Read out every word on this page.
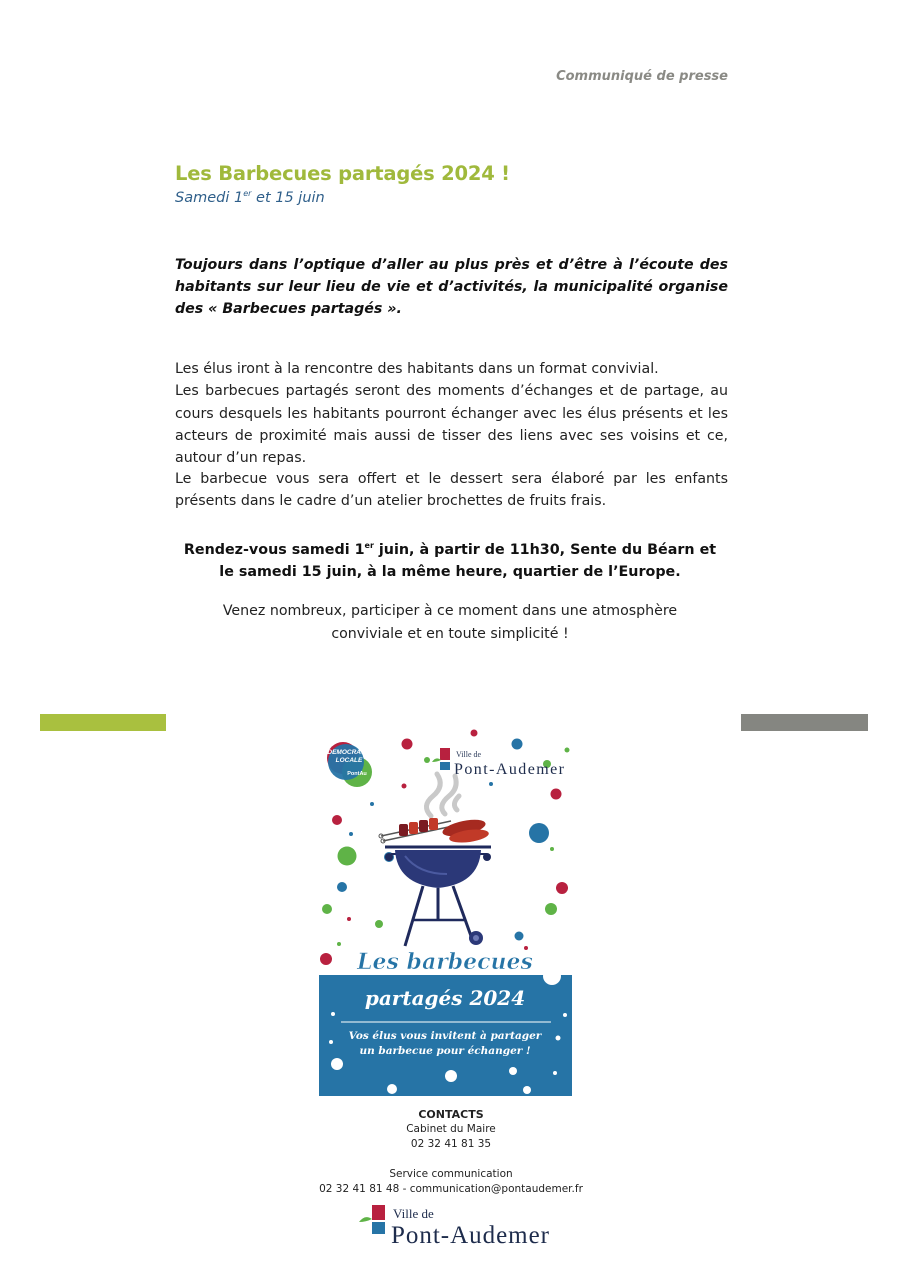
Communiqué de presse
Les Barbecues partagés 2024 !
Samedi 1er et 15 juin
Toujours dans l’optique d’aller au plus près et d’être à l’écoute des habitants sur leur lieu de vie et d’activités, la municipalité organise des « Barbecues partagés ».
Les élus iront à la rencontre des habitants dans un format convivial.
Les barbecues partagés seront des moments d’échanges et de partage, au cours desquels les habitants pourront échanger avec les élus présents et les acteurs de proximité mais aussi de tisser des liens avec ses voisins et ce, autour d’un repas.
Le barbecue vous sera offert et le dessert sera élaboré par les enfants présents dans le cadre d’un atelier brochettes de fruits frais.
Rendez-vous samedi 1er juin, à partir de 11h30, Sente du Béarn et
le samedi 15 juin, à la même heure, quartier de l’Europe.
Venez nombreux, participer à ce moment dans une atmosphère
conviviale et en toute simplicité !
DEMOCRATIE
LOCALE
PontAu
Ville de
Pont-Audemer
Les barbecues
partagés 2024
Vos élus vous invitent à partager
un barbecue pour échanger !
CONTACTS
Cabinet du Maire
02 32 41 81 35
Service communication
02 32 41 81 48 - communication@pontaudemer.fr
Ville de
Pont-Audemer
